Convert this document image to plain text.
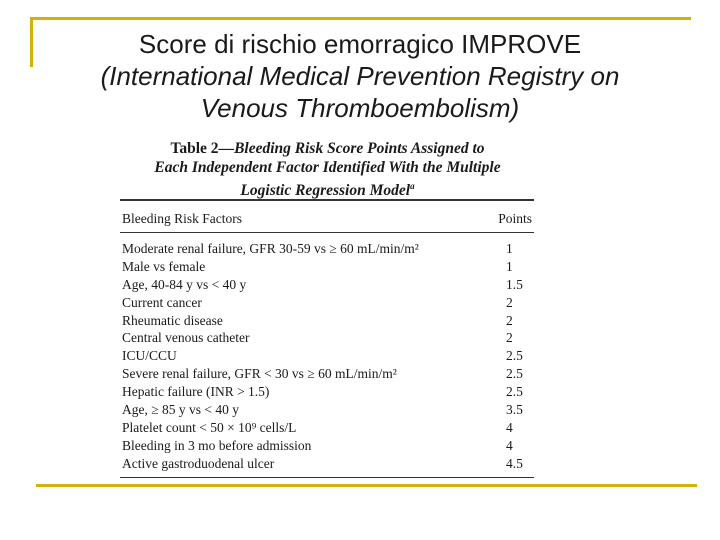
Score di rischio emorragico IMPROVE
(International Medical Prevention Registry on
Venous Thromboembolism)
Table 2—Bleeding Risk Score Points Assigned to
Each Independent Factor Identified With the Multiple
Logistic Regression Model$^a$
Bleeding Risk Factors	Points
Moderate renal failure, GFR 30-59 vs ≥ 60 mL/min/m²	1
Male vs female	1
Age, 40-84 y vs < 40 y	1.5
Current cancer	2
Rheumatic disease	2
Central venous catheter	2
ICU/CCU	2.5
Severe renal failure, GFR < 30 vs ≥ 60 mL/min/m²	2.5
Hepatic failure (INR > 1.5)	2.5
Age, ≥ 85 y vs < 40 y	3.5
Platelet count < 50 × 10⁹ cells/L	4
Bleeding in 3 mo before admission	4
Active gastroduodenal ulcer	4.5
